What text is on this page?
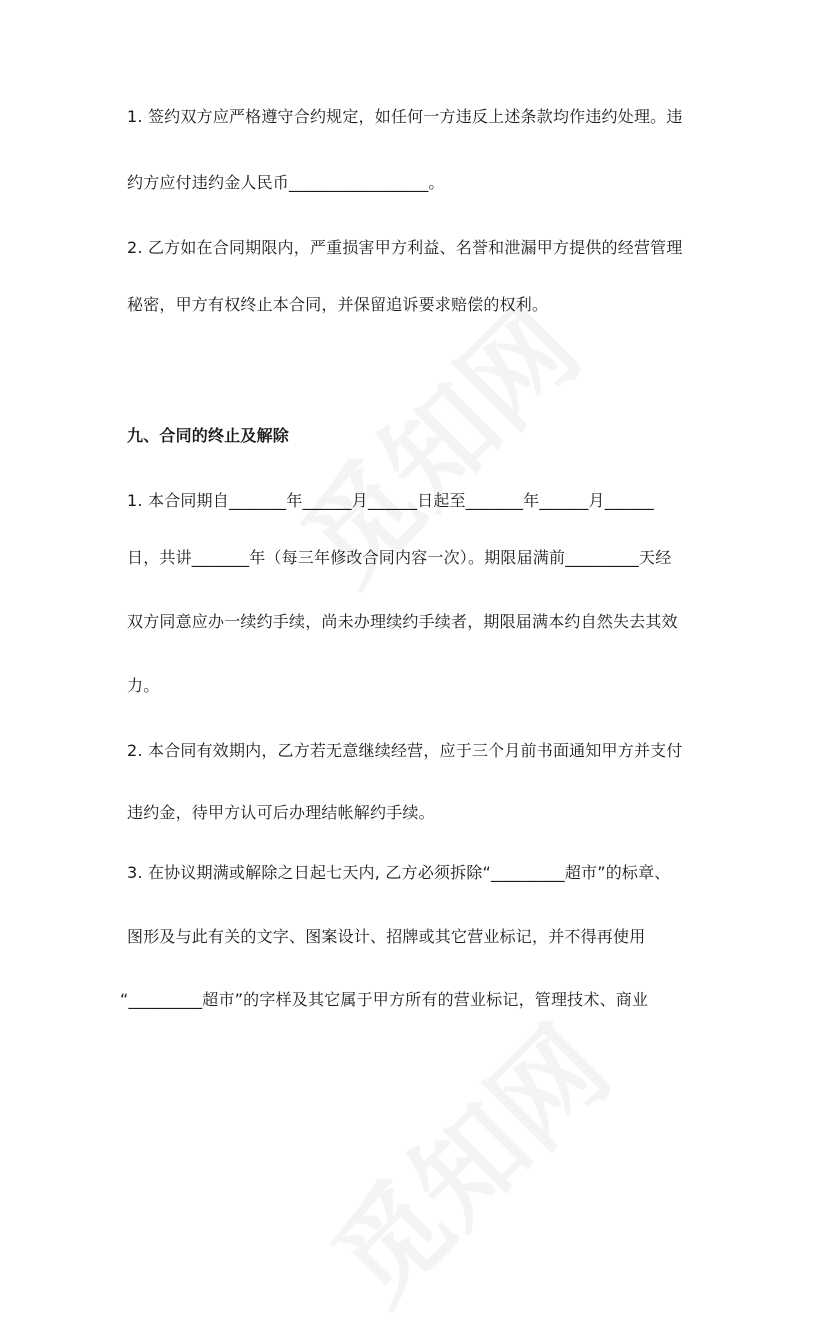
1. 签约双方应严格遵守合约规定，如任何一方违反上述条款均作违约处理。违
约方应付违约金人民币_________________。
2. 乙方如在合同期限内，严重损害甲方利益、名誉和泄漏甲方提供的经营管理
秘密，甲方有权终止本合同，并保留追诉要求赔偿的权利。
九、合同的终止及解除
1. 本合同期自_______年______月______日起至_______年______月______
日，共讲_______年（每三年修改合同内容一次）。期限届满前_________天经
双方同意应办一续约手续，尚未办理续约手续者，期限届满本约自然失去其效
力。
2. 本合同有效期内，乙方若无意继续经营，应于三个月前书面通知甲方并支付
违约金，待甲方认可后办理结帐解约手续。
3. 在协议期满或解除之日起七天内, 乙方必须拆除“_________超市”的标章、
图形及与此有关的文字、图案设计、招牌或其它营业标记，并不得再使用
“_________超市”的字样及其它属于甲方所有的营业标记，管理技术、商业
